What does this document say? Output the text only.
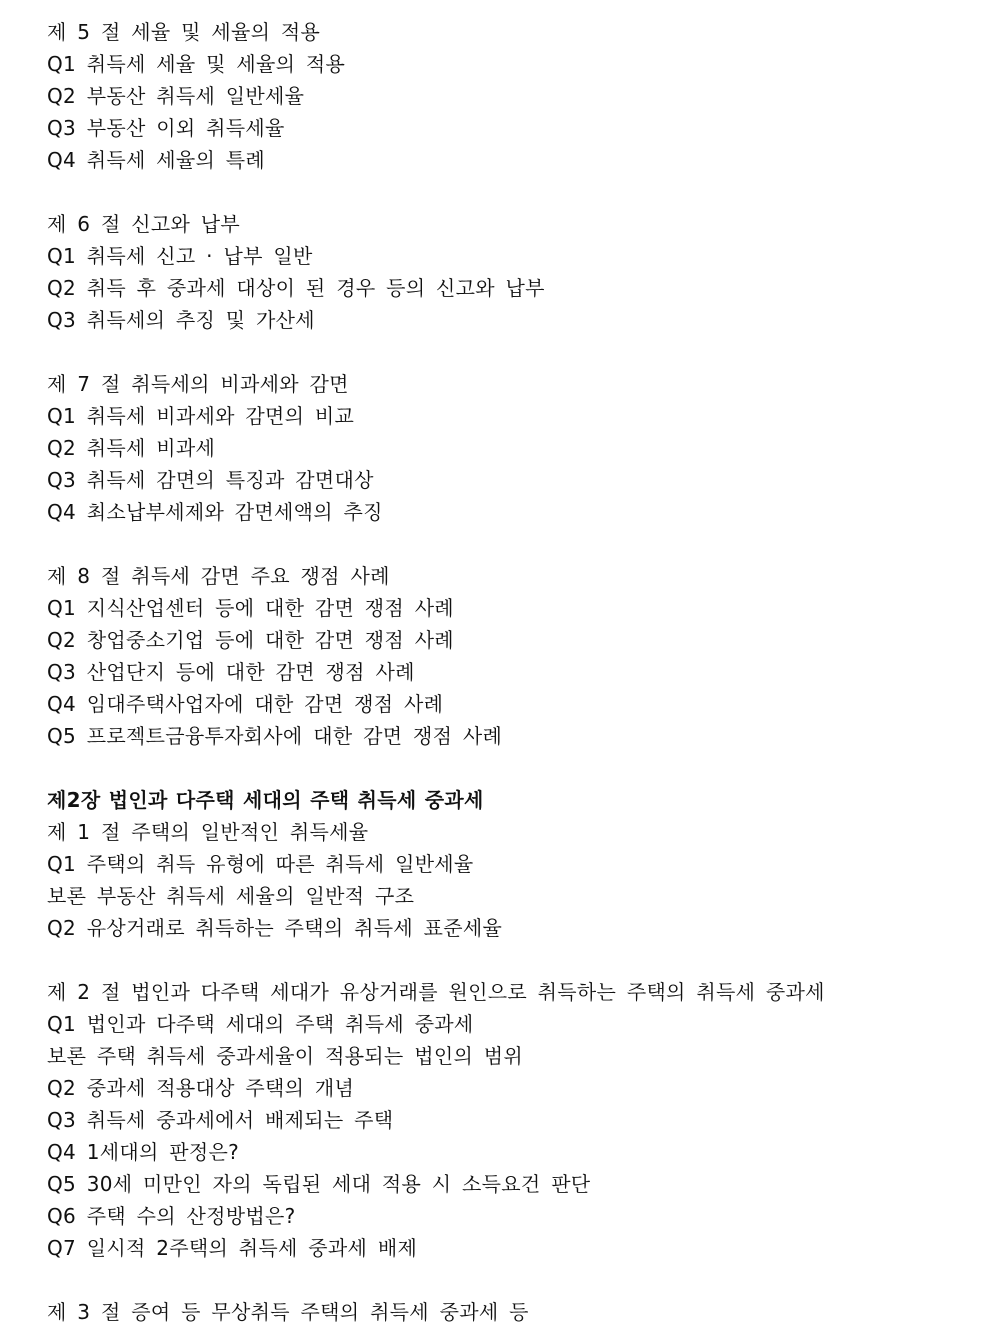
제 5 절 세율 및 세율의 적용
Q1 취득세 세율 및 세율의 적용
Q2 부동산 취득세 일반세율
Q3 부동산 이외 취득세율
Q4 취득세 세율의 특례
제 6 절 신고와 납부
Q1 취득세 신고 · 납부 일반
Q2 취득 후 중과세 대상이 된 경우 등의 신고와 납부
Q3 취득세의 추징 및 가산세
제 7 절 취득세의 비과세와 감면
Q1 취득세 비과세와 감면의 비교
Q2 취득세 비과세
Q3 취득세 감면의 특징과 감면대상
Q4 최소납부세제와 감면세액의 추징
제 8 절 취득세 감면 주요 쟁점 사례
Q1 지식산업센터 등에 대한 감면 쟁점 사례
Q2 창업중소기업 등에 대한 감면 쟁점 사례
Q3 산업단지 등에 대한 감면 쟁점 사례
Q4 임대주택사업자에 대한 감면 쟁점 사례
Q5 프로젝트금융투자회사에 대한 감면 쟁점 사례
제2장 법인과 다주택 세대의 주택 취득세 중과세
제 1 절 주택의 일반적인 취득세율
Q1 주택의 취득 유형에 따른 취득세 일반세율
보론 부동산 취득세 세율의 일반적 구조
Q2 유상거래로 취득하는 주택의 취득세 표준세율
제 2 절 법인과 다주택 세대가 유상거래를 원인으로 취득하는 주택의 취득세 중과세
Q1 법인과 다주택 세대의 주택 취득세 중과세
보론 주택 취득세 중과세율이 적용되는 법인의 범위
Q2 중과세 적용대상 주택의 개념
Q3 취득세 중과세에서 배제되는 주택
Q4 1세대의 판정은?
Q5 30세 미만인 자의 독립된 세대 적용 시 소득요건 판단
Q6 주택 수의 산정방법은?
Q7 일시적 2주택의 취득세 중과세 배제
제 3 절 증여 등 무상취득 주택의 취득세 중과세 등
